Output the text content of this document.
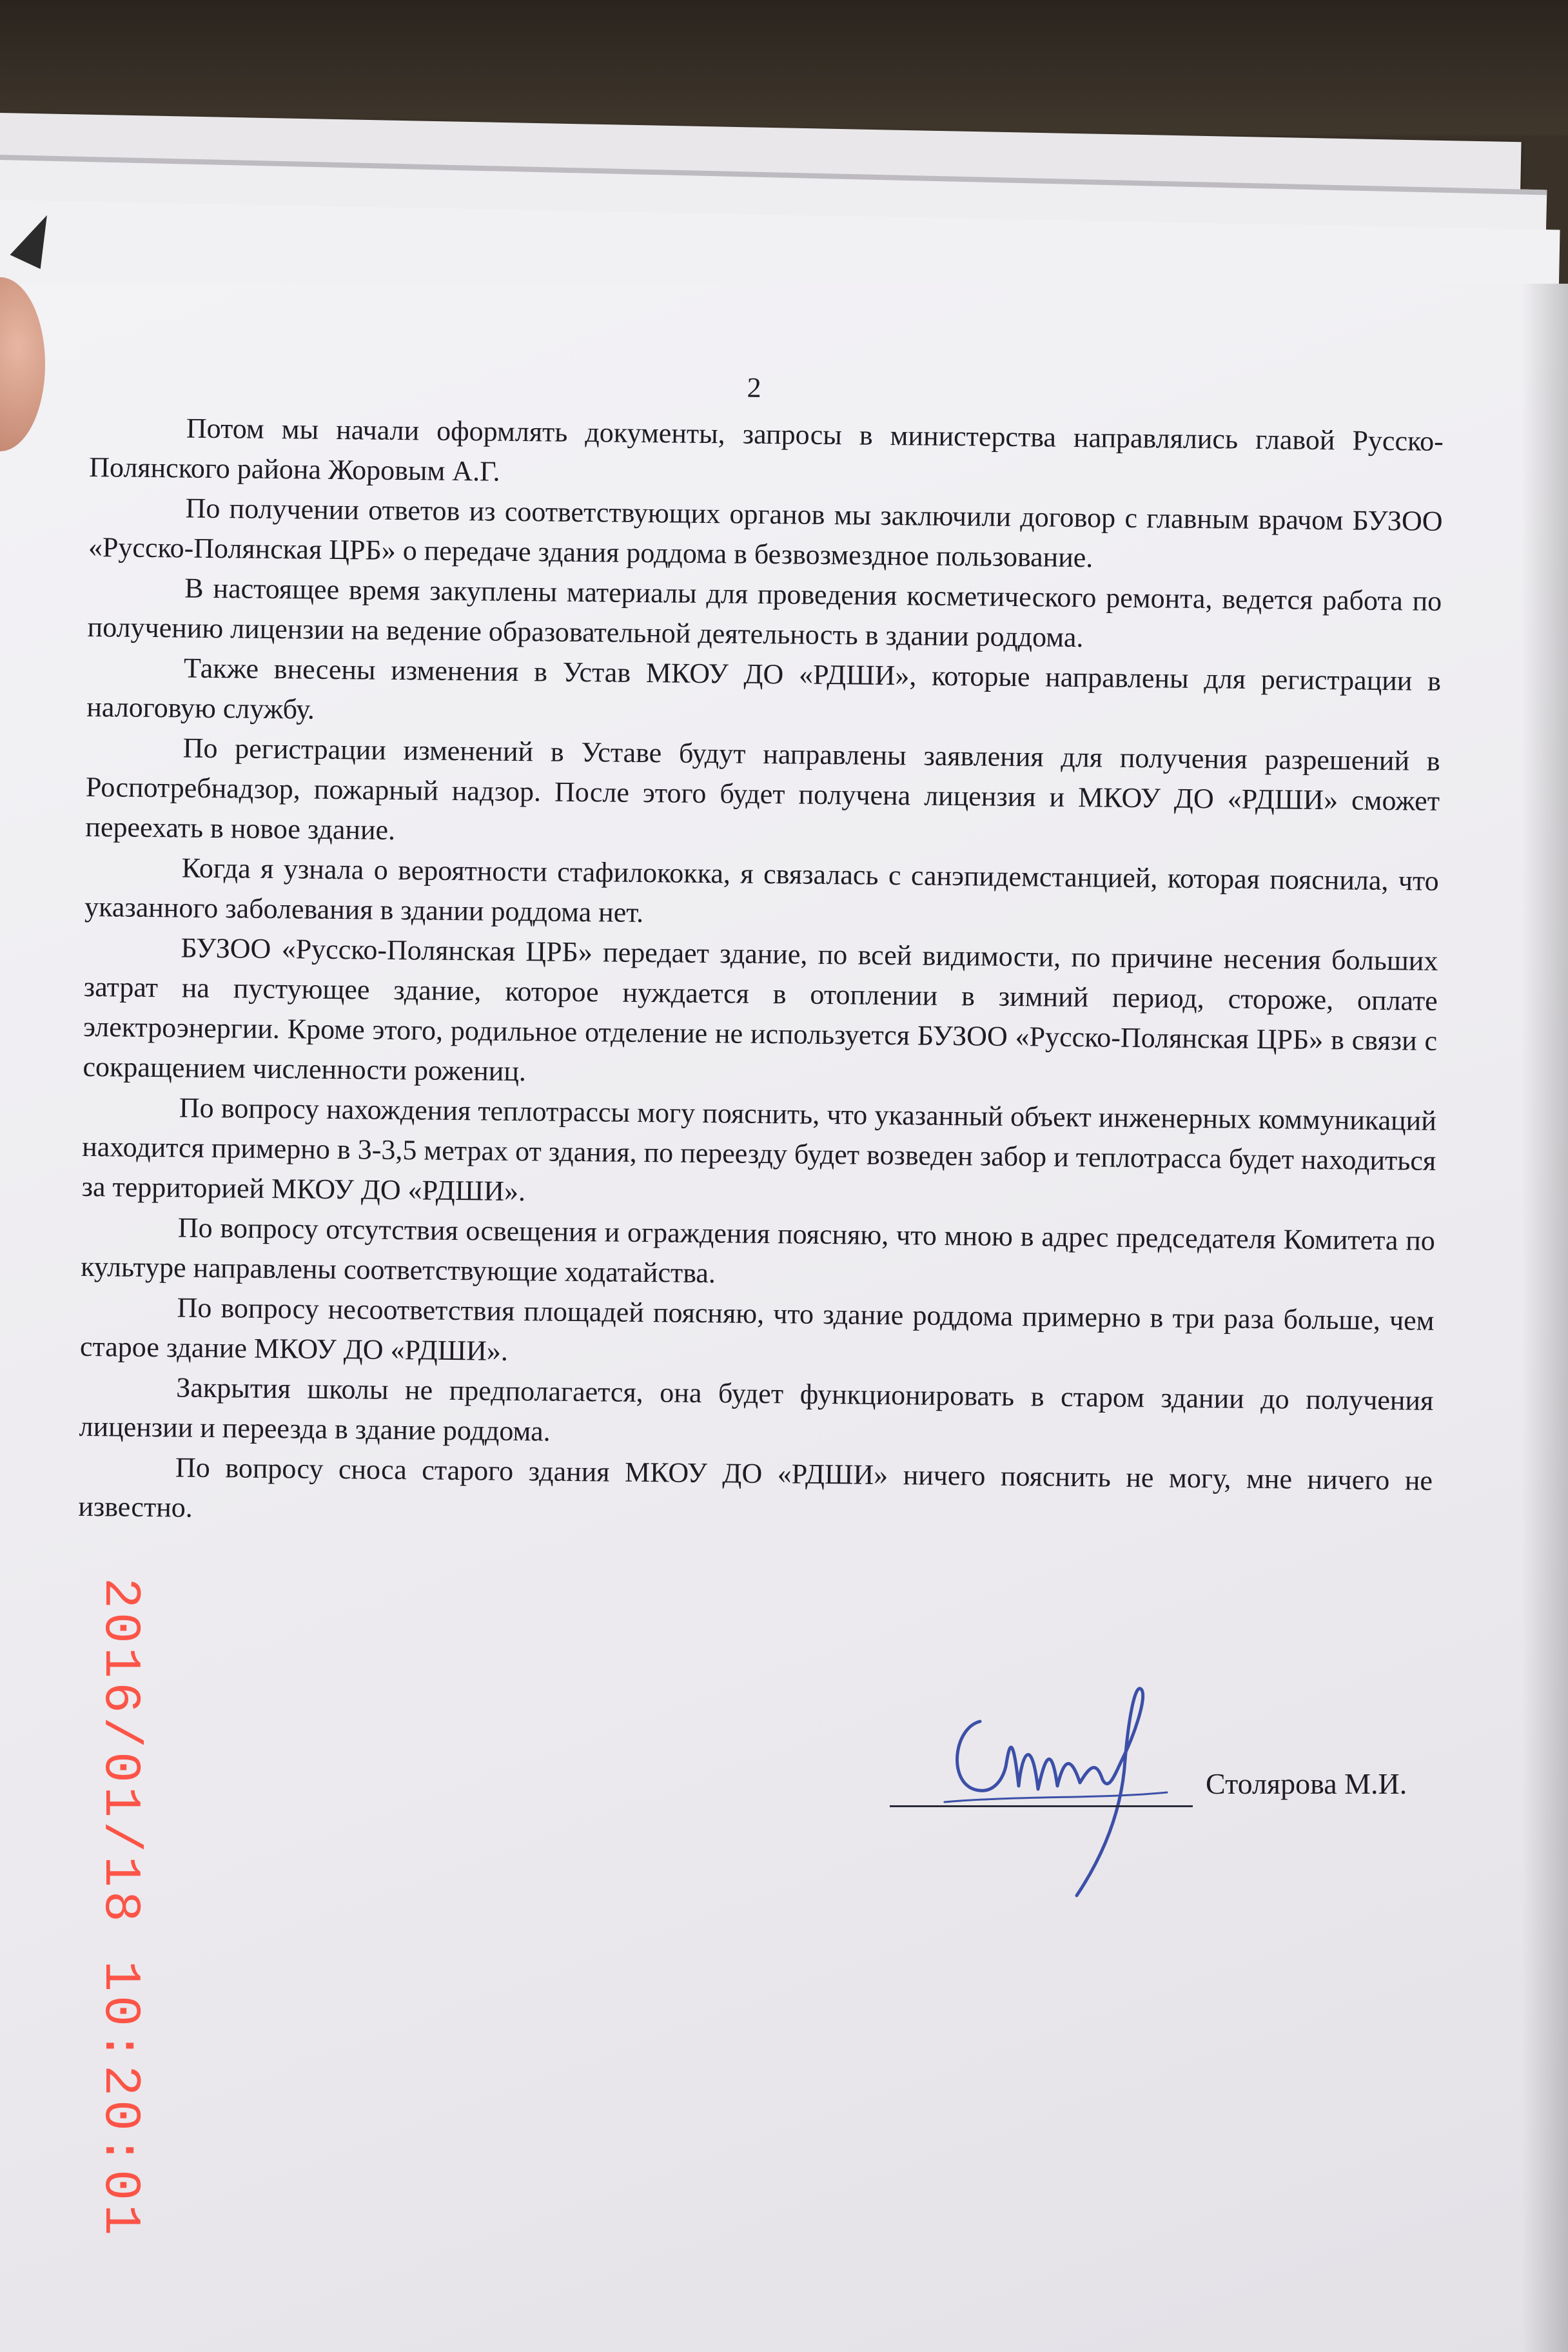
2

Потом мы начали оформлять документы, запросы в министерства направлялись главой Русско-Полянского района Жоровым А.Г.

По получении ответов из соответствующих органов мы заключили договор с главным врачом БУЗОО «Русско-Полянская ЦРБ» о передаче здания роддома в безвозмездное пользование.

В настоящее время закуплены материалы для проведения косметического ремонта, ведется работа по получению лицензии на ведение образовательной деятельность в здании роддома.

Также внесены изменения в Устав МКОУ ДО «РДШИ», которые направлены для регистрации в налоговую службу.

По регистрации изменений в Уставе будут направлены заявления для получения разрешений в Роспотребнадзор, пожарный надзор. После этого будет получена лицензия и МКОУ ДО «РДШИ» сможет переехать в новое здание.

Когда я узнала о вероятности стафилококка, я связалась с санэпидемстанцией, которая пояснила, что указанного заболевания в здании роддома нет.

БУЗОО «Русско-Полянская ЦРБ» передает здание, по всей видимости, по причине несения больших затрат на пустующее здание, которое нуждается в отоплении в зимний период, стороже, оплате электроэнергии. Кроме этого, родильное отделение не используется БУЗОО «Русско-Полянская ЦРБ» в связи с сокращением численности рожениц.

По вопросу нахождения теплотрассы могу пояснить, что указанный объект инженерных коммуникаций находится примерно в 3-3,5 метрах от здания, по переезду будет возведен забор и теплотрасса будет находиться за территорией МКОУ ДО «РДШИ».

По вопросу отсутствия освещения и ограждения поясняю, что мною в адрес председателя Комитета по культуре направлены соответствующие ходатайства.

По вопросу несоответствия площадей поясняю, что здание роддома примерно в три раза больше, чем старое здание МКОУ ДО «РДШИ».

Закрытия школы не предполагается, она будет функционировать в старом здании до получения лицензии и переезда в здание роддома.

По вопросу сноса старого здания МКОУ ДО «РДШИ» ничего пояснить не могу, мне ничего не известно.

Столярова М.И.
2016/01/18 10:20:01
